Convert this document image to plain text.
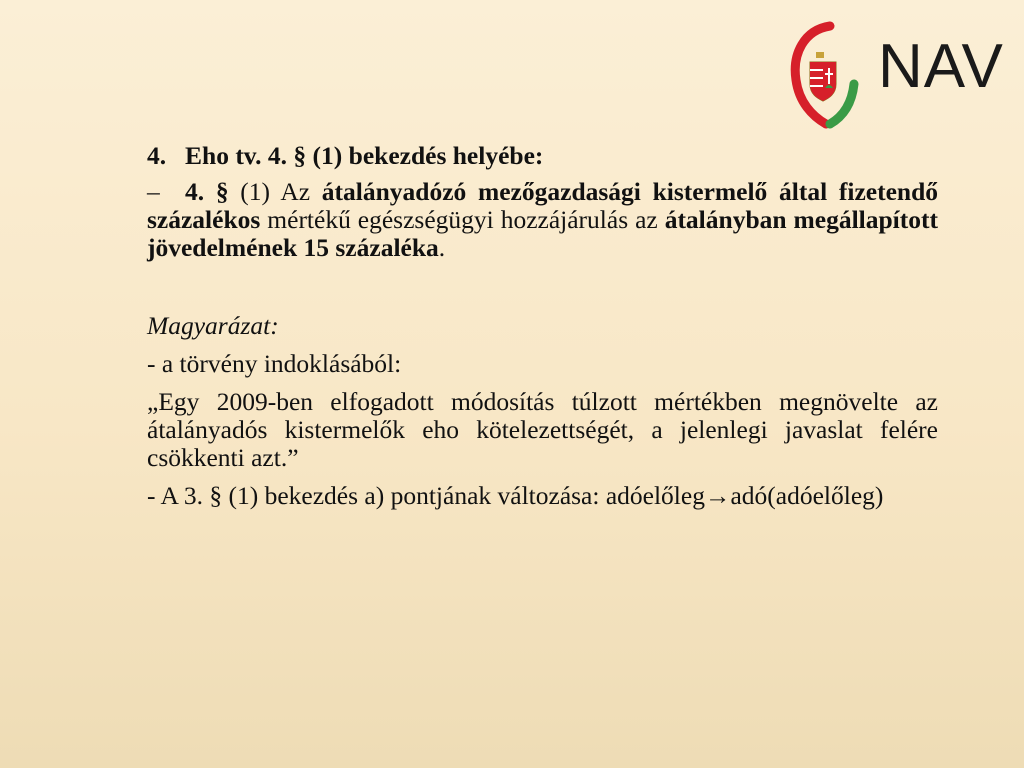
NAV

4. Eho tv. 4. § (1) bekezdés helyébe:

– 4. § (1) Az átalányadózó mezőgazdasági kistermelő által fizetendő százalékos mértékű egészségügyi hozzájárulás az átalányban megállapított jövedelmének 15 százaléka.

Magyarázat:

- a törvény indoklásából:

„Egy 2009-ben elfogadott módosítás túlzott mértékben megnövelte az átalányadós kistermelők eho kötelezettségét, a jelenlegi javaslat felére csökkenti azt.”

- A 3. § (1) bekezdés a) pontjának változása: adóelőleg→adó(adóelőleg)
